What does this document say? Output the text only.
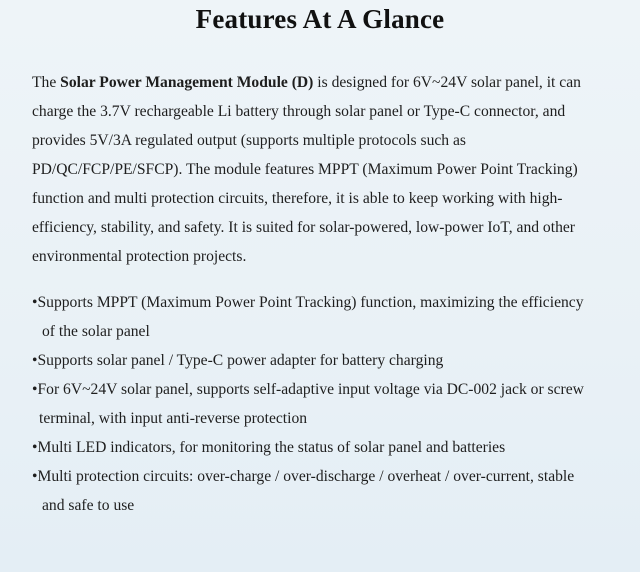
Features At A Glance

The Solar Power Management Module (D) is designed for 6V~24V solar panel, it can charge the 3.7V rechargeable Li battery through solar panel or Type-C connector, and provides 5V/3A regulated output (supports multiple protocols such as PD/QC/FCP/PE/SFCP). The module features MPPT (Maximum Power Point Tracking) function and multi protection circuits, therefore, it is able to keep working with high-efficiency, stability, and safety. It is suited for solar-powered, low-power IoT, and other environmental protection projects.

•Supports MPPT (Maximum Power Point Tracking) function, maximizing the efficiency
of the solar panel
•Supports solar panel / Type-C power adapter for battery charging
•For 6V~24V solar panel, supports self-adaptive input voltage via DC-002 jack or screw
terminal, with input anti-reverse protection
•Multi LED indicators, for monitoring the status of solar panel and batteries
•Multi protection circuits: over-charge / over-discharge / overheat / over-current, stable
and safe to use
